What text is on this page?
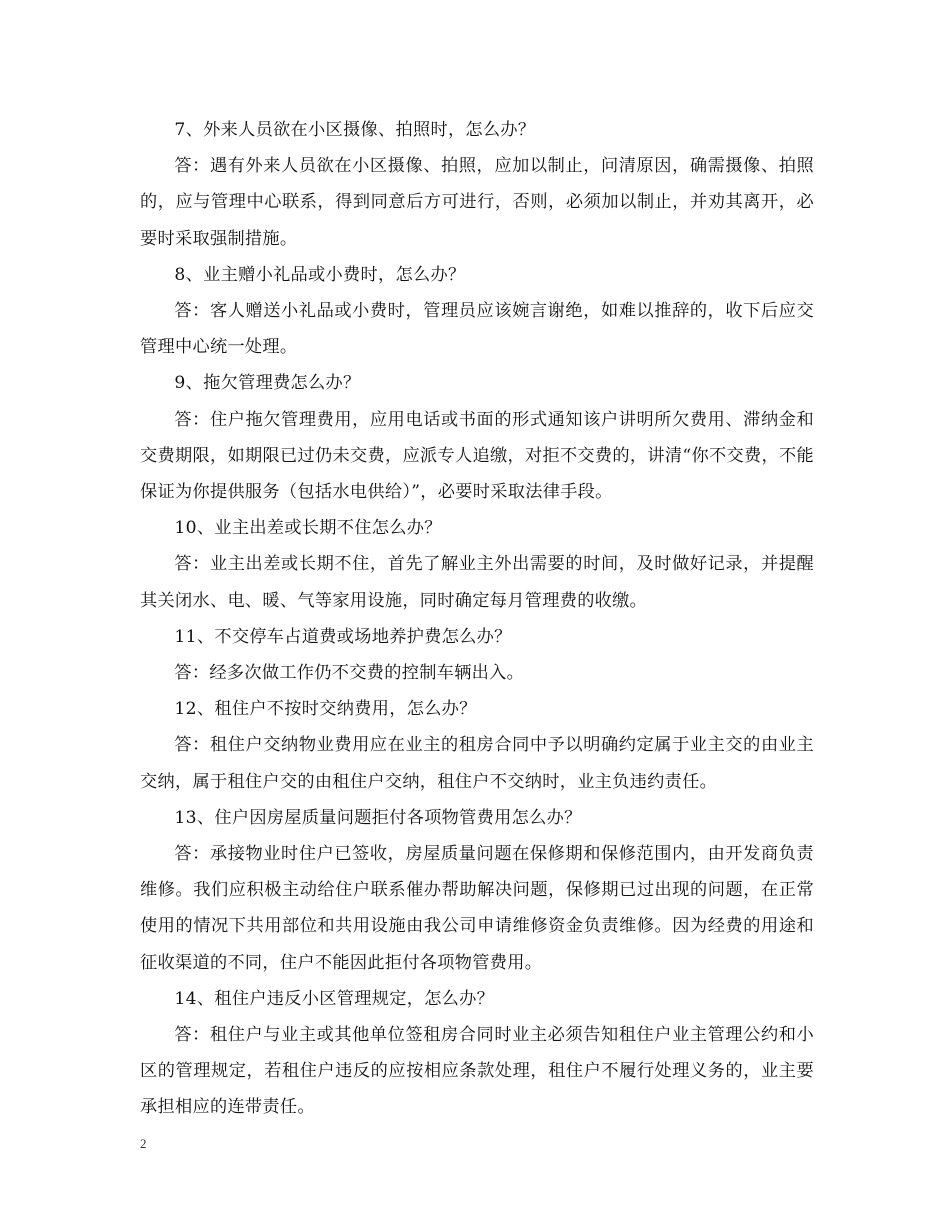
7、外来人员欲在小区摄像、拍照时，怎么办？

答：遇有外来人员欲在小区摄像、拍照，应加以制止，问清原因，确需摄像、拍照的，应与管理中心联系，得到同意后方可进行，否则，必须加以制止，并劝其离开，必要时采取强制措施。

8、业主赠小礼品或小费时，怎么办？

答：客人赠送小礼品或小费时，管理员应该婉言谢绝，如难以推辞的，收下后应交管理中心统一处理。

9、拖欠管理费怎么办？

答：住户拖欠管理费用，应用电话或书面的形式通知该户讲明所欠费用、滞纳金和交费期限，如期限已过仍未交费，应派专人追缴，对拒不交费的，讲清“你不交费，不能保证为你提供服务（包括水电供给）”，必要时采取法律手段。

10、业主出差或长期不住怎么办？

答：业主出差或长期不住，首先了解业主外出需要的时间，及时做好记录，并提醒其关闭水、电、暖、气等家用设施，同时确定每月管理费的收缴。

11、不交停车占道费或场地养护费怎么办？

答：经多次做工作仍不交费的控制车辆出入。

12、租住户不按时交纳费用，怎么办？

答：租住户交纳物业费用应在业主的租房合同中予以明确约定属于业主交的由业主交纳，属于租住户交的由租住户交纳，租住户不交纳时，业主负违约责任。

13、住户因房屋质量问题拒付各项物管费用怎么办？

答：承接物业时住户已签收，房屋质量问题在保修期和保修范围内，由开发商负责维修。我们应积极主动给住户联系催办帮助解决问题，保修期已过出现的问题，在正常使用的情况下共用部位和共用设施由我公司申请维修资金负责维修。因为经费的用途和征收渠道的不同，住户不能因此拒付各项物管费用。

14、租住户违反小区管理规定，怎么办？

答：租住户与业主或其他单位签租房合同时业主必须告知租住户业主管理公约和小区的管理规定，若租住户违反的应按相应条款处理，租住户不履行处理义务的，业主要承担相应的连带责任。

2
